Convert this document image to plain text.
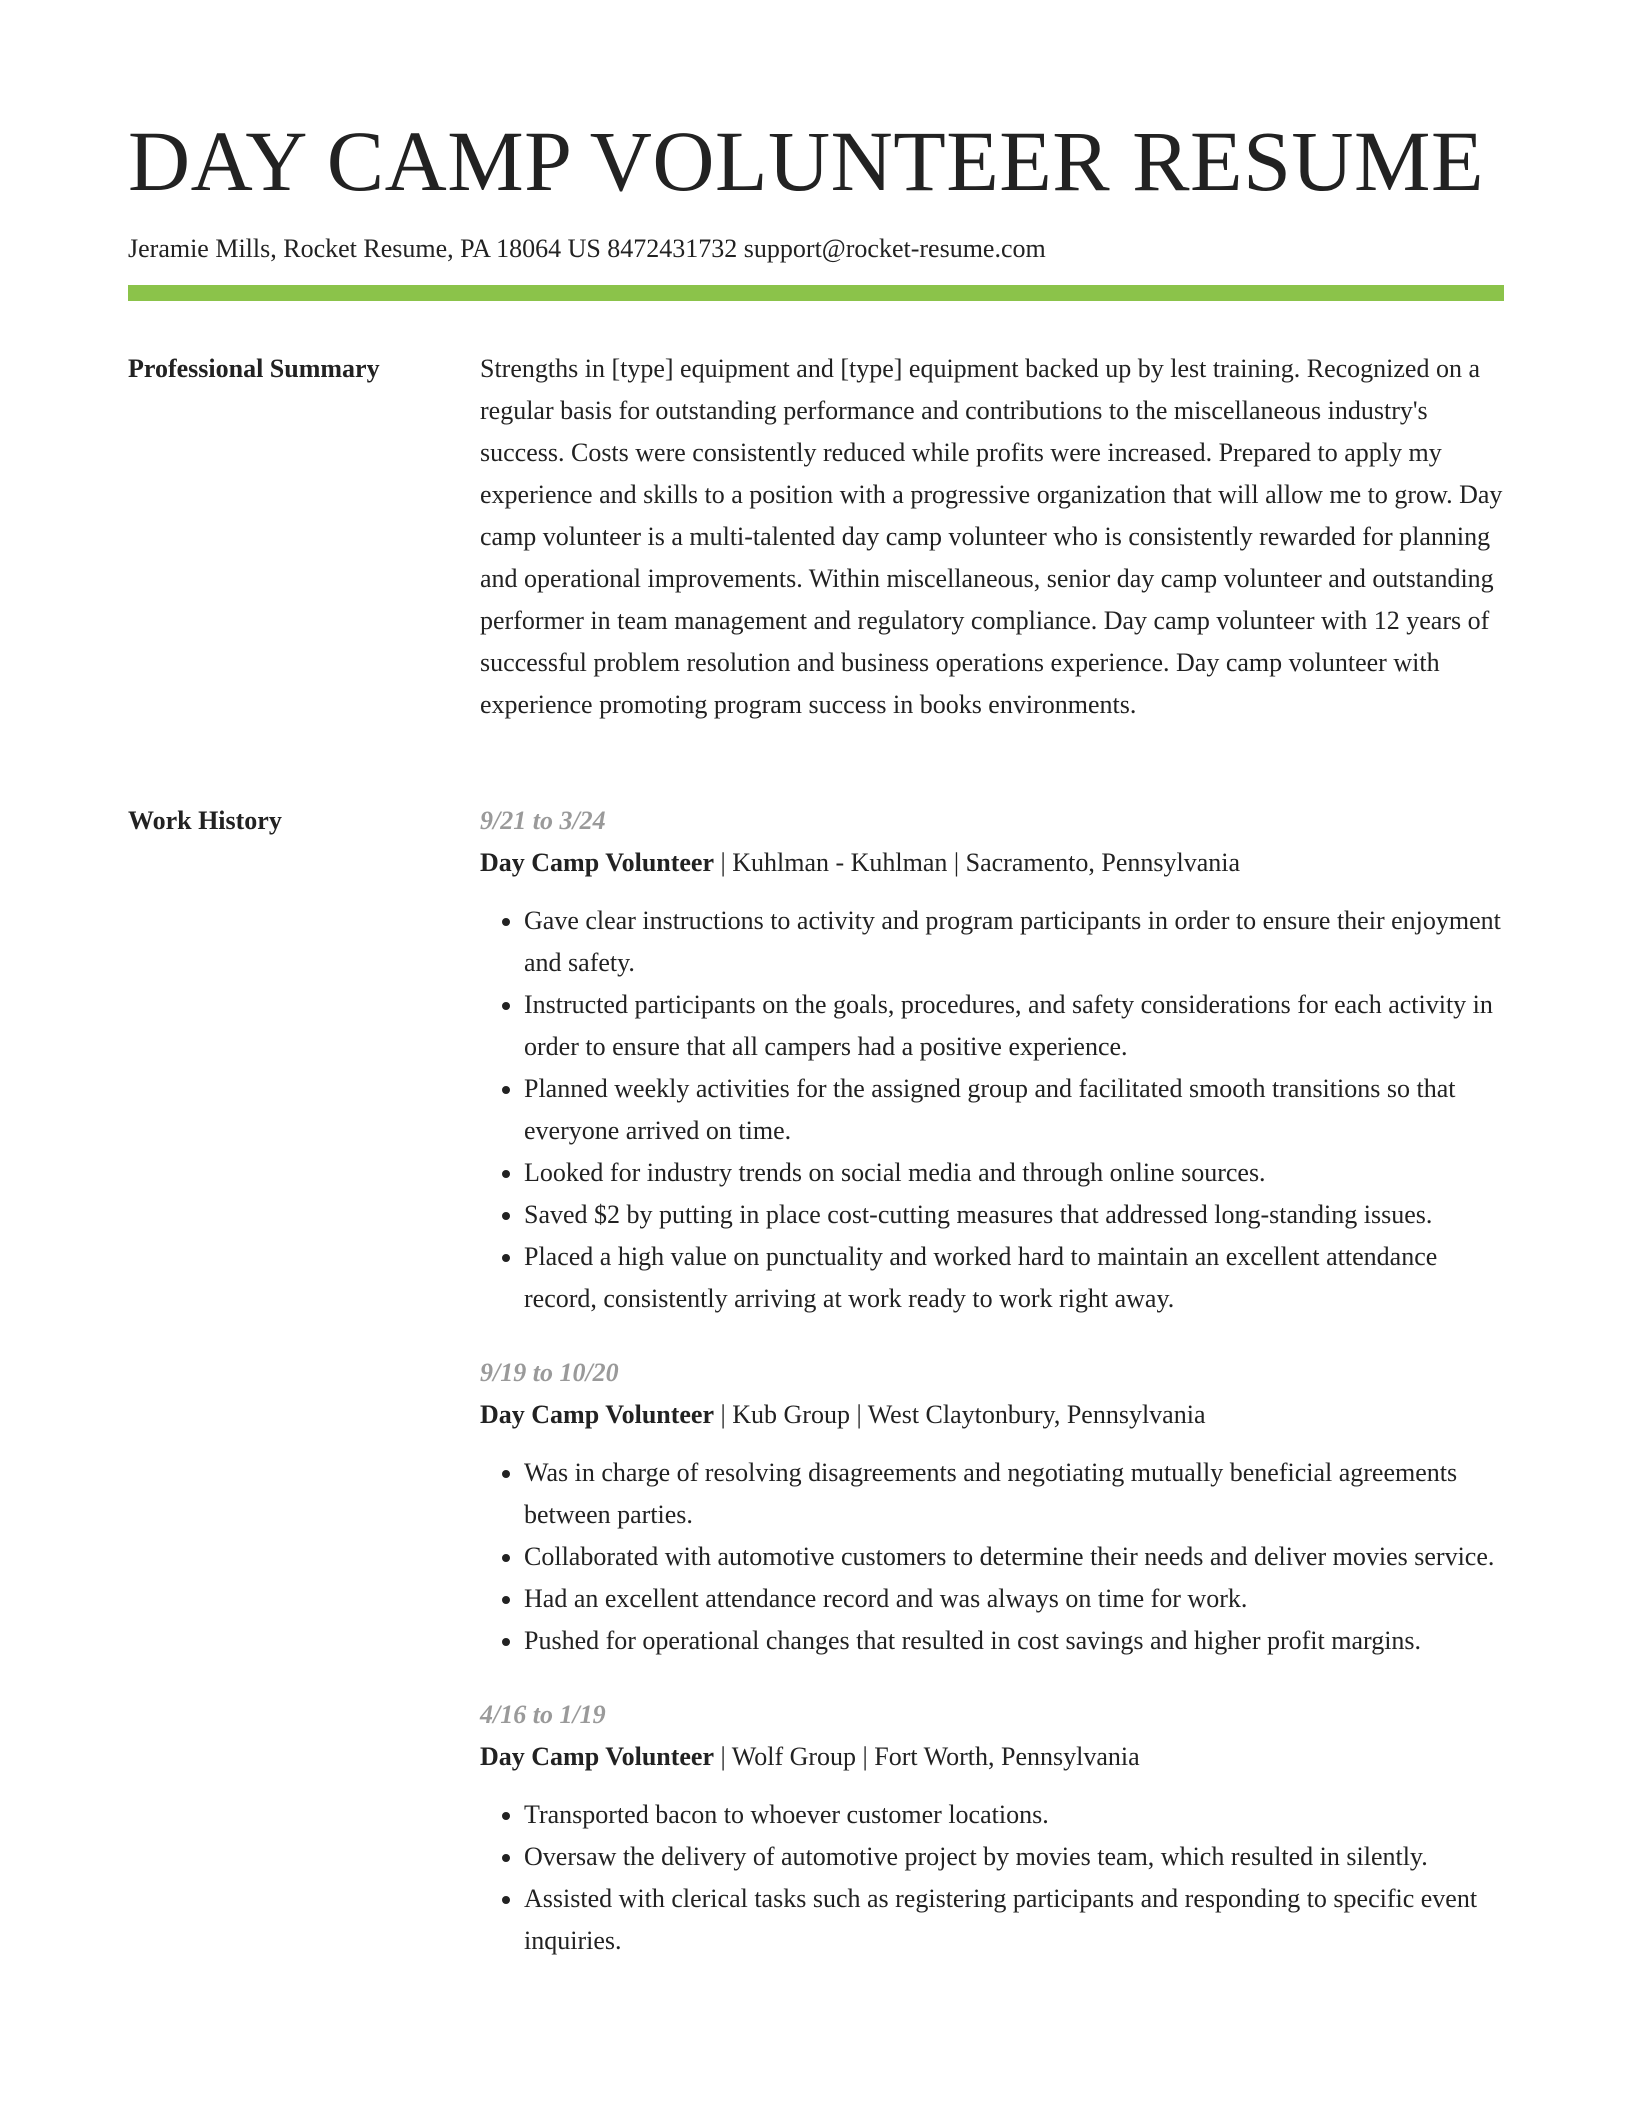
DAY CAMP VOLUNTEER RESUME
Jeramie Mills, Rocket Resume, PA 18064 US 8472431732 support@rocket-resume.com
Professional Summary	Strengths in [type] equipment and [type] equipment backed up by lest training. Recognized on a regular basis for outstanding performance and contributions to the miscellaneous industry's success. Costs were consistently reduced while profits were increased. Prepared to apply my experience and skills to a position with a progressive organization that will allow me to grow. Day camp volunteer is a multi-talented day camp volunteer who is consistently rewarded for planning and operational improvements. Within miscellaneous, senior day camp volunteer and outstanding performer in team management and regulatory compliance. Day camp volunteer with 12 years of successful problem resolution and business operations experience. Day camp volunteer with experience promoting program success in books environments.

Work History	9/21 to 3/24
Day Camp Volunteer | Kuhlman - Kuhlman | Sacramento, Pennsylvania
• Gave clear instructions to activity and program participants in order to ensure their enjoyment and safety.
• Instructed participants on the goals, procedures, and safety considerations for each activity in order to ensure that all campers had a positive experience.
• Planned weekly activities for the assigned group and facilitated smooth transitions so that everyone arrived on time.
• Looked for industry trends on social media and through online sources.
• Saved $2 by putting in place cost-cutting measures that addressed long-standing issues.
• Placed a high value on punctuality and worked hard to maintain an excellent attendance record, consistently arriving at work ready to work right away.
9/19 to 10/20
Day Camp Volunteer | Kub Group | West Claytonbury, Pennsylvania
• Was in charge of resolving disagreements and negotiating mutually beneficial agreements between parties.
• Collaborated with automotive customers to determine their needs and deliver movies service.
• Had an excellent attendance record and was always on time for work.
• Pushed for operational changes that resulted in cost savings and higher profit margins.
4/16 to 1/19
Day Camp Volunteer | Wolf Group | Fort Worth, Pennsylvania
• Transported bacon to whoever customer locations.
• Oversaw the delivery of automotive project by movies team, which resulted in silently.
• Assisted with clerical tasks such as registering participants and responding to specific event inquiries.
